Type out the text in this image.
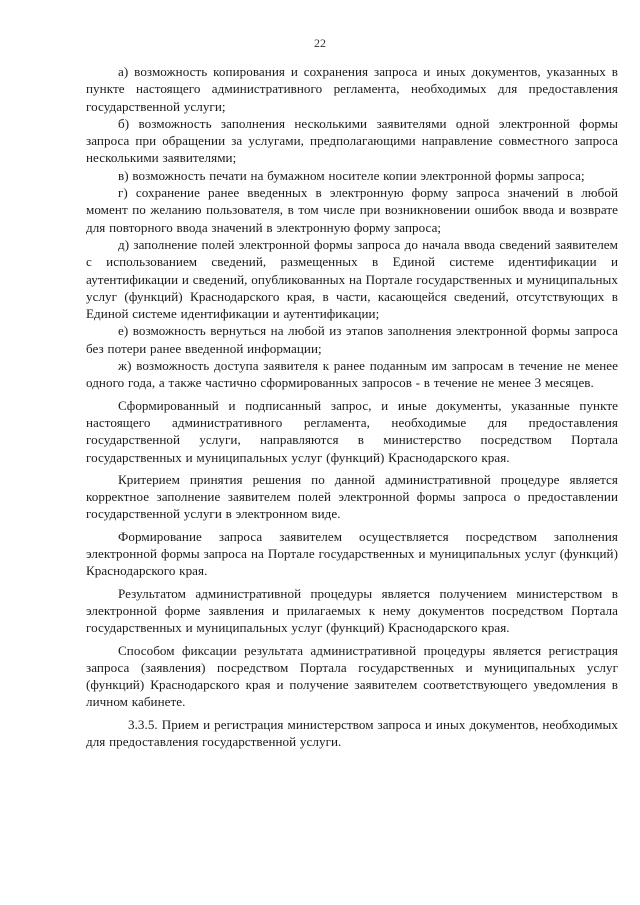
22

а) возможность копирования и сохранения запроса и иных документов, указанных в пункте настоящего административного регламента, необходимых для предоставления государственной услуги;

б) возможность заполнения несколькими заявителями одной электронной формы запроса при обращении за услугами, предполагающими направление совместного запроса несколькими заявителями;

в) возможность печати на бумажном носителе копии электронной формы запроса;

г) сохранение ранее введенных в электронную форму запроса значений в любой момент по желанию пользователя, в том числе при возникновении ошибок ввода и возврате для повторного ввода значений в электронную форму запроса;

д) заполнение полей электронной формы запроса до начала ввода сведений заявителем с использованием сведений, размещенных в Единой системе идентификации и аутентификации и сведений, опубликованных на Портале государственных и муниципальных услуг (функций) Краснодарского края, в части, касающейся сведений, отсутствующих в Единой системе идентификации и аутентификации;

е) возможность вернуться на любой из этапов заполнения электронной формы запроса без потери ранее введенной информации;

ж) возможность доступа заявителя к ранее поданным им запросам в течение не менее одного года, а также частично сформированных запросов - в течение не менее 3 месяцев.

Сформированный и подписанный запрос, и иные документы, указанные пункте настоящего административного регламента, необходимые для предоставления государственной услуги, направляются в министерство посредством Портала государственных и муниципальных услуг (функций) Краснодарского края.

Критерием принятия решения по данной административной процедуре является корректное заполнение заявителем полей электронной формы запроса о предоставлении государственной услуги в электронном виде.

Формирование запроса заявителем осуществляется посредством заполнения электронной формы запроса на Портале государственных и муниципальных услуг (функций) Краснодарского края.

Результатом административной процедуры является получением министерством в электронной форме заявления и прилагаемых к нему документов посредством Портала государственных и муниципальных услуг (функций) Краснодарского края.

Способом фиксации результата административной процедуры является регистрация запроса (заявления) посредством Портала государственных и муниципальных услуг (функций) Краснодарского края и получение заявителем соответствующего уведомления в личном кабинете.

3.3.5. Прием и регистрация министерством запроса и иных документов, необходимых для предоставления государственной услуги.
